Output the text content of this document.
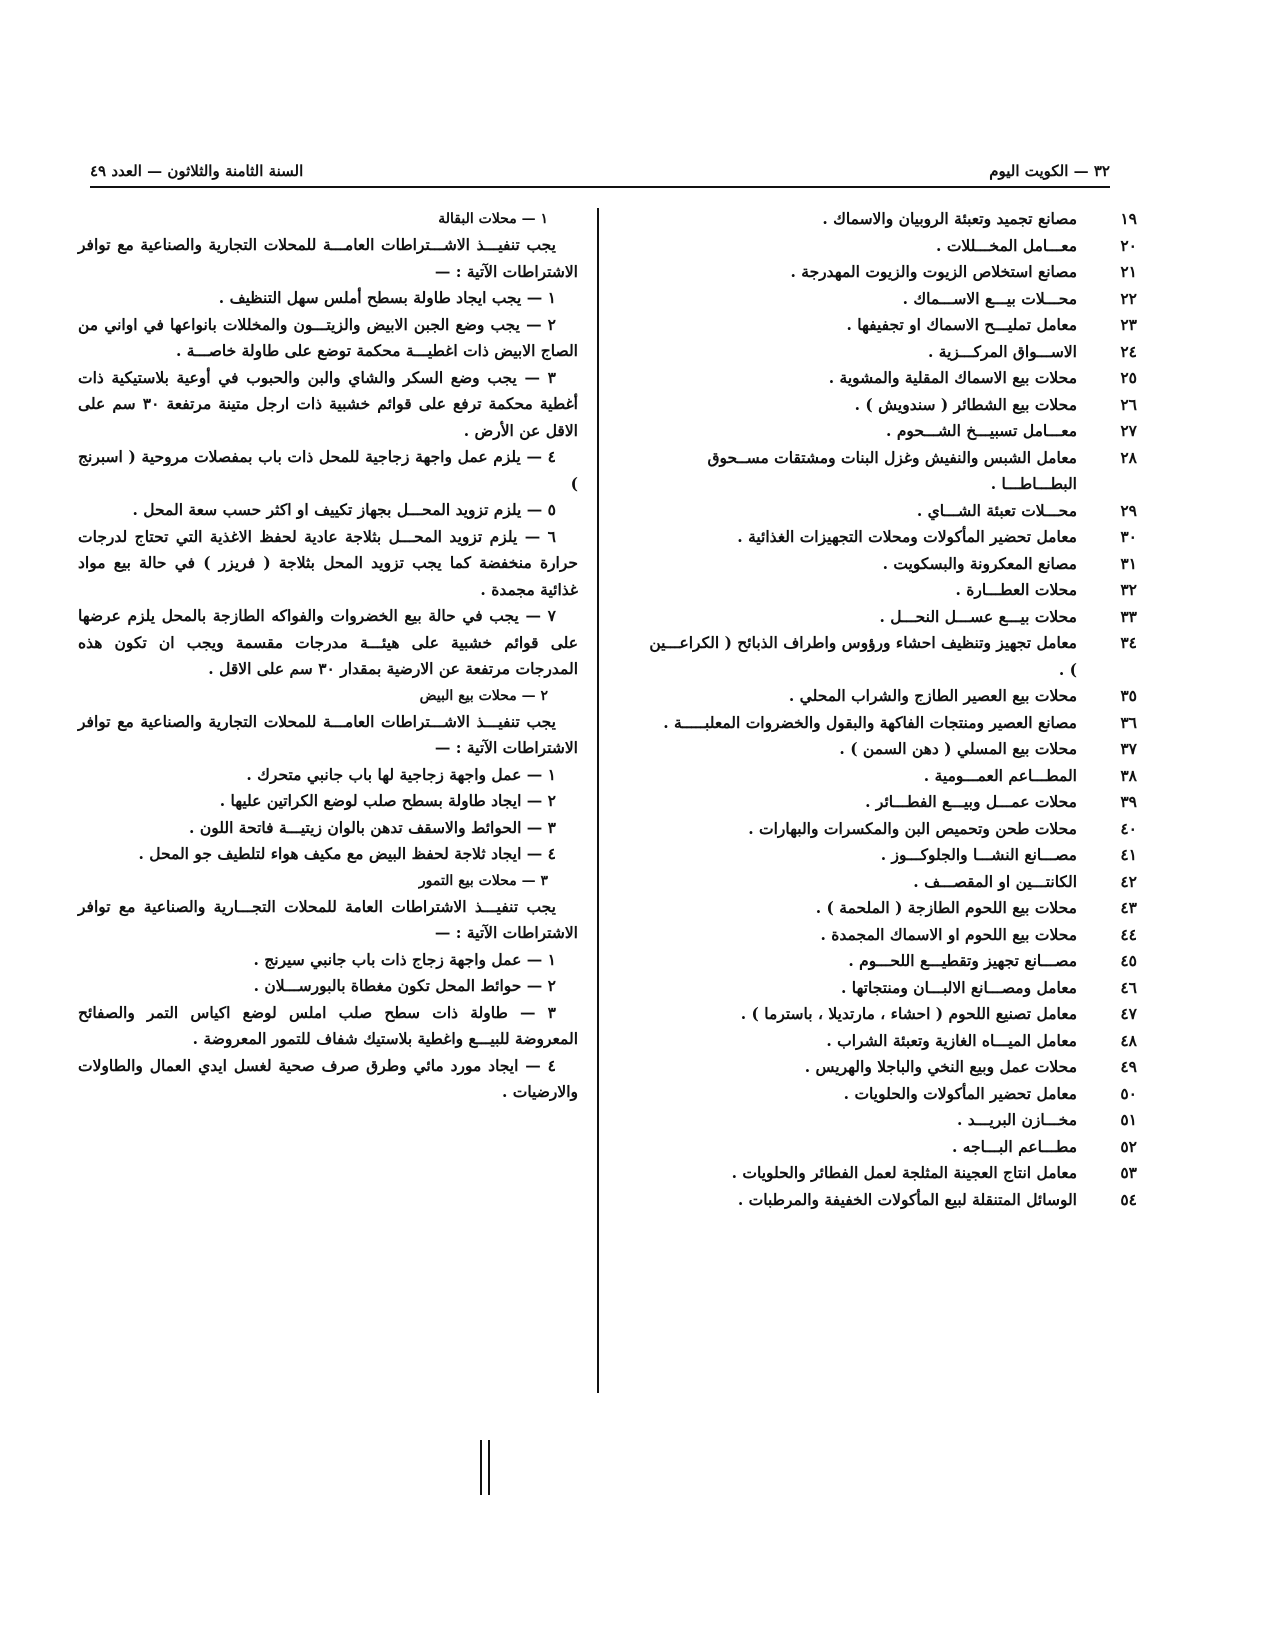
٣٢ — الكويت اليوم
السنة الثامنة والثلاثون — العدد ٤٩
١٩
مصانع تجميد وتعبئة الروبيان والاسماك .
٢٠
معـــامل المخـــللات .
٢١
مصانع استخلاص الزيوت والزيوت المهدرجة .
٢٢
محـــلات بيـــع الاســـماك .
٢٣
معامل تمليـــح الاسماك او تجفيفها .
٢٤
الاســـواق المركـــزية .
٢٥
محلات بيع الاسماك المقلية والمشوية .
٢٦
محلات بيع الشطائر ( سندويش ) .
٢٧
معـــامل تسبيـــخ الشـــحوم .
٢٨
معامل الشبس والنفيش وغزل البنات ومشتقات مســحوق البطـــاطـــا .
٢٩
محـــلات تعبئة الشـــاي .
٣٠
معامل تحضير المأكولات ومحلات التجهيزات الغذائية .
٣١
مصانع المعكرونة والبسكويت .
٣٢
محلات العطـــارة .
٣٣
محلات بيـــع عســـل النحـــل .
٣٤
معامل تجهيز وتنظيف احشاء ورؤوس واطراف الذبائح ( الكراعـــين ) .
٣٥
محلات بيع العصير الطازج والشراب المحلي .
٣٦
مصانع العصير ومنتجات الفاكهة والبقول والخضروات المعلبـــــة .
٣٧
محلات بيع المسلي ( دهن السمن ) .
٣٨
المطـــاعم العمـــومية .
٣٩
محلات عمـــل وبيـــع الفطـــائر .
٤٠
محلات طحن وتحميص البن والمكسرات والبهارات .
٤١
مصـــانع النشـــا والجلوكـــوز .
٤٢
الكانتـــين او المقصـــف .
٤٣
محلات بيع اللحوم الطازجة ( الملحمة ) .
٤٤
محلات بيع اللحوم او الاسماك المجمدة .
٤٥
مصـــانع تجهيز وتقطيـــع اللحـــوم .
٤٦
معامل ومصـــانع الالبـــان ومنتجاتها .
٤٧
معامل تصنيع اللحوم ( احشاء ، مارتديلا ، باسترما ) .
٤٨
معامل الميـــاه الغازية وتعبئة الشراب .
٤٩
محلات عمل وبيع النخي والباجلا والهريس .
٥٠
معامل تحضير المأكولات والحلويات .
٥١
مخـــازن البريـــد .
٥٢
مطـــاعم البـــاجه .
٥٣
معامل انتاج العجينة المثلجة لعمل الفطائر والحلويات .
٥٤
الوسائل المتنقلة لبيع المأكولات الخفيفة والمرطبات .
١ — محلات البقالة
يجب تنفيـــذ الاشـــتراطات العامـــة للمحلات التجارية والصناعية مع توافر الاشتراطات الآتية : —
١ — يجب ايجاد طاولة بسطح أملس سهل التنظيف .
٢ — يجب وضع الجبن الابيض والزيتـــون والمخللات بانواعها في اواني من الصاج الابيض ذات اغطيـــة محكمة توضع على طاولة خاصـــة .
٣ — يجب وضع السكر والشاي والبن والحبوب في أوعية بلاستيكية ذات أغطية محكمة ترفع على قوائم خشبية ذات ارجل متينة مرتفعة ٣٠ سم على الاقل عن الأرض .
٤ — يلزم عمل واجهة زجاجية للمحل ذات باب بمفصلات مروحية ( اسبرنج )
٥ — يلزم تزويد المحـــل بجهاز تكييف او اكثر حسب سعة المحل .
٦ — يلزم تزويد المحـــل بثلاجة عادية لحفظ الاغذية التي تحتاج لدرجات حرارة منخفضة كما يجب تزويد المحل بثلاجة ( فريزر ) في حالة بيع مواد غذائية مجمدة .
٧ — يجب في حالة بيع الخضروات والفواكه الطازجة بالمحل يلزم عرضها على قوائم خشبية على هيئـــة مدرجات مقسمة ويجب ان تكون هذه المدرجات مرتفعة عن الارضية بمقدار ٣٠ سم على الاقل .
٢ — محلات بيع البيض
يجب تنفيـــذ الاشـــتراطات العامـــة للمحلات التجارية والصناعية مع توافر الاشتراطات الآتية : —
١ — عمل واجهة زجاجية لها باب جانبي متحرك .
٢ — ايجاد طاولة بسطح صلب لوضع الكراتين عليها .
٣ — الحوائط والاسقف تدهن بالوان زيتيـــة فاتحة اللون .
٤ — ايجاد ثلاجة لحفظ البيض مع مكيف هواء لتلطيف جو المحل .
٣ — محلات بيع التمور
يجب تنفيـــذ الاشتراطات العامة للمحلات التجـــارية والصناعية مع توافر الاشتراطات الآتية : —
١ — عمل واجهة زجاج ذات باب جانبي سيرنج .
٢ — حوائط المحل تكون مغطاة بالبورســـلان .
٣ — طاولة ذات سطح صلب املس لوضع اكياس التمر والصفائح المعروضة للبيـــع واغطية بلاستيك شفاف للتمور المعروضة .
٤ — ايجاد مورد مائي وطرق صرف صحية لغسل ايدي العمال والطاولات والارضيات .
